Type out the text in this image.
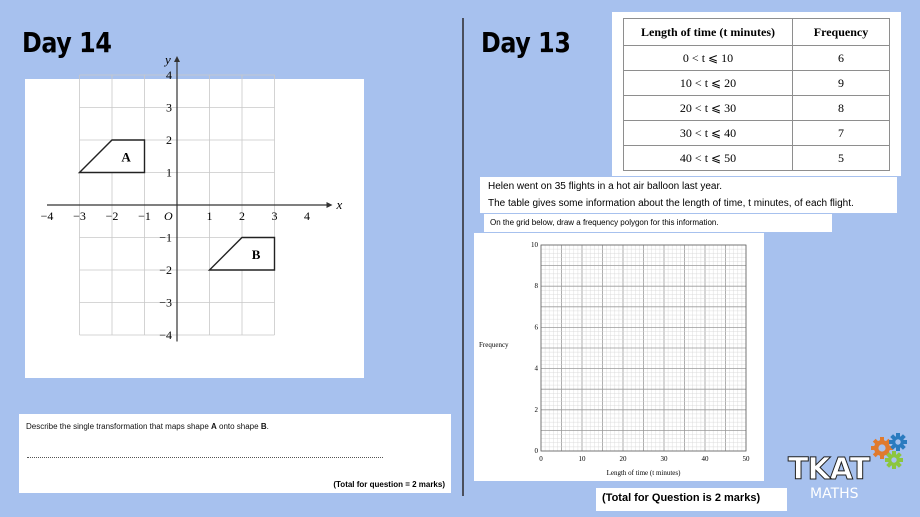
Day 14
x
y
O
−4 −3 −2 −1	1 2 3 4
4
3
2
1
−1
−2
−3
−4
A
B
Describe the single transformation that maps shape A onto shape B.
(Total for question = 2 marks)
Day 13	Length of time (t minutes)	Frequency
0 < t ⩽ 10	6
10 < t ⩽ 20	9
20 < t ⩽ 30	8
30 < t ⩽ 40	7
40 < t ⩽ 50	5
Helen went on 35 flights in a hot air balloon last year.
The table gives some information about the length of time, t minutes, of each flight.
On the grid below, draw a frequency polygon for this information.
0	10	20	30	40	50
0
2
4
6
8
10
Frequency
Length of time (t minutes)
(Total for Question is 2 marks)
TKAT
MATHS
